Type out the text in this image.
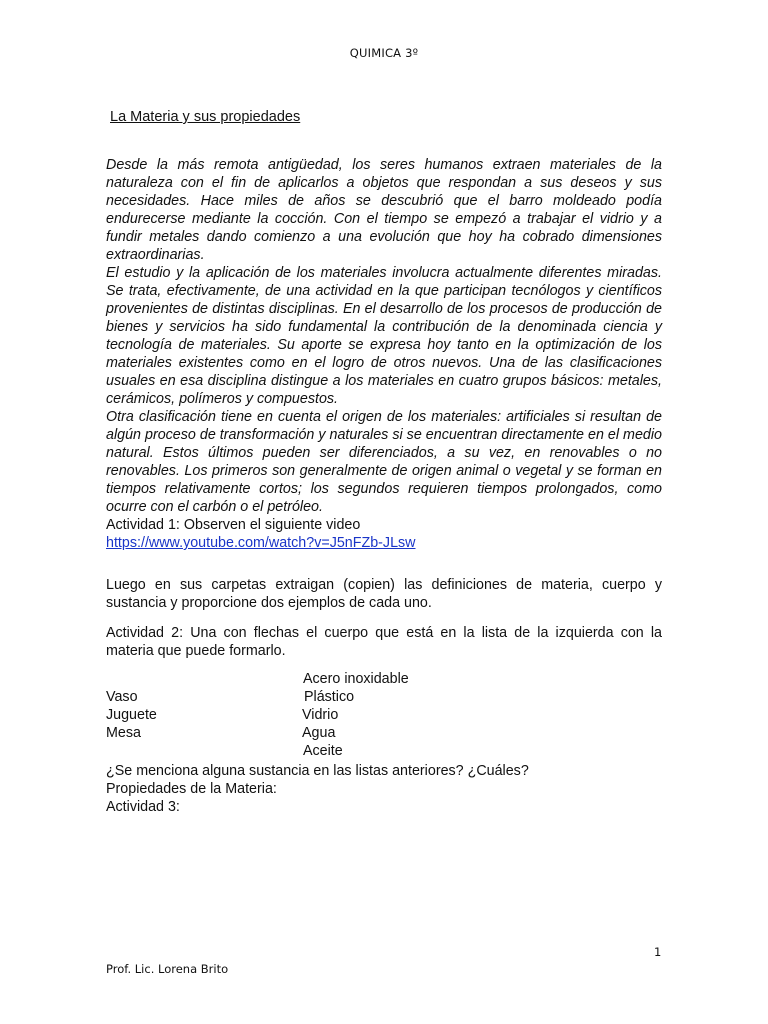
QUIMICA 3º
La Materia y sus propiedades

Desde la más remota antigüedad, los seres humanos extraen materiales de la naturaleza con el fin de aplicarlos a objetos que respondan a sus deseos y sus necesidades. Hace miles de años se descubrió que el barro moldeado podía endurecerse mediante la cocción. Con el tiempo se empezó a trabajar el vidrio y a fundir metales dando comienzo a una evolución que hoy ha cobrado dimensiones extraordinarias.

El estudio y la aplicación de los materiales involucra actualmente diferentes miradas. Se trata, efectivamente, de una actividad en la que participan tecnólogos y científicos provenientes de distintas disciplinas. En el desarrollo de los procesos de producción de bienes y servicios ha sido fundamental la contribución de la denominada ciencia y tecnología de materiales. Su aporte se expresa hoy tanto en la optimización de los materiales existentes como en el logro de otros nuevos. Una de las clasificaciones usuales en esa disciplina distingue a los materiales en cuatro grupos básicos: metales, cerámicos, polímeros y compuestos.

Otra clasificación tiene en cuenta el origen de los materiales: artificiales si resultan de algún proceso de transformación y naturales si se encuentran directamente en el medio natural. Estos últimos pueden ser diferenciados, a su vez, en renovables o no renovables. Los primeros son generalmente de origen animal o vegetal y se forman en tiempos relativamente cortos; los segundos requieren tiempos prolongados, como ocurre con el carbón o el petróleo.

Actividad 1: Observen el siguiente video

https://www.youtube.com/watch?v=J5nFZb-JLsw

Luego en sus carpetas extraigan (copien) las definiciones de materia, cuerpo y sustancia y proporcione dos ejemplos de cada uno.

Actividad 2: Una con flechas el cuerpo que está en la lista de la izquierda con la materia que puede formarlo.

Acero inoxidable
Vaso	Plástico
Juguete	Vidrio
Mesa	Agua
Aceite

¿Se menciona alguna sustancia en las listas anteriores? ¿Cuáles?

Propiedades de la Materia:

Actividad 3:

1
Prof. Lic. Lorena Brito
